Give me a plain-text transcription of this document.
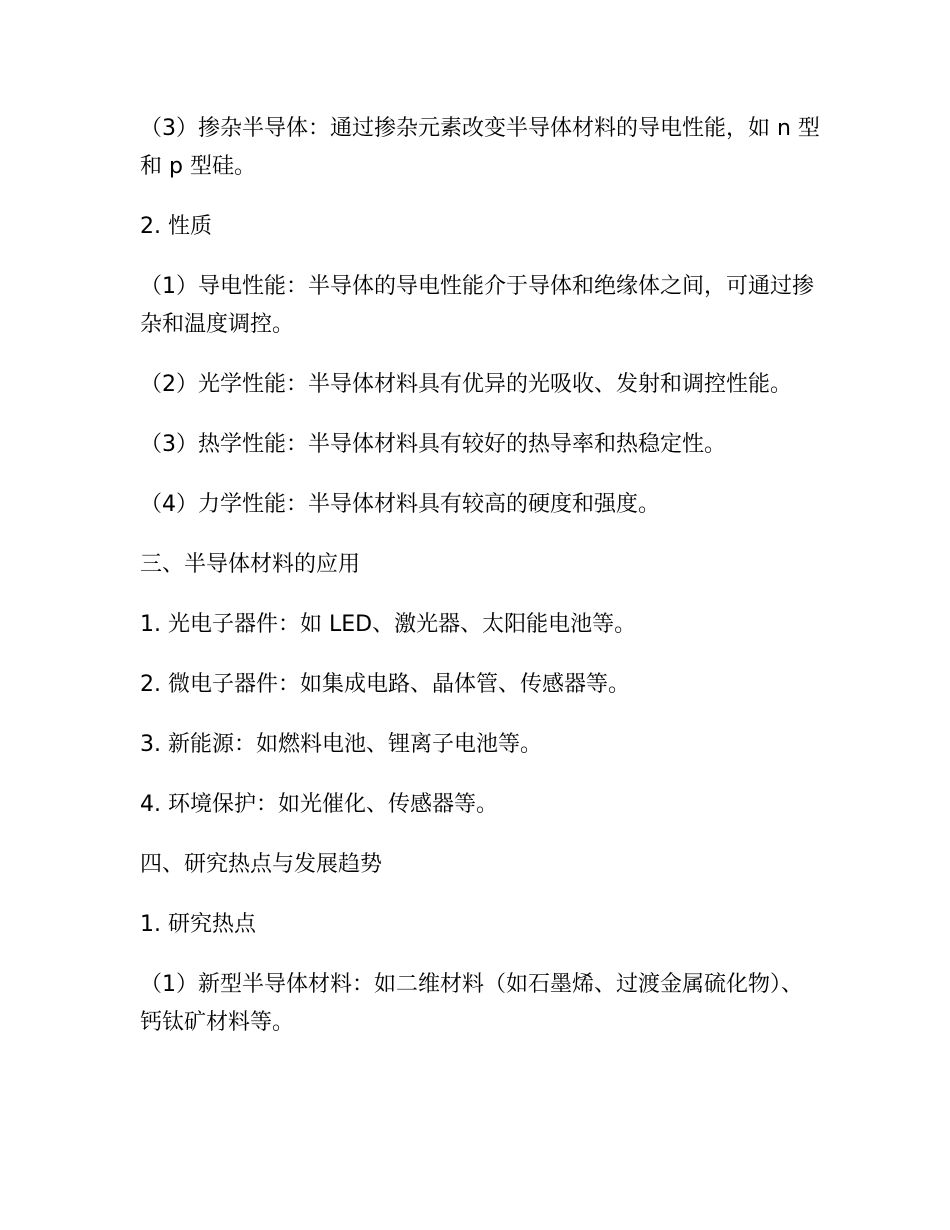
（3）掺杂半导体：通过掺杂元素改变半导体材料的导电性能，如 n 型和 p 型硅。

2. 性质

（1）导电性能：半导体的导电性能介于导体和绝缘体之间，可通过掺杂和温度调控。

（2）光学性能：半导体材料具有优异的光吸收、发射和调控性能。

（3）热学性能：半导体材料具有较好的热导率和热稳定性。

（4）力学性能：半导体材料具有较高的硬度和强度。

三、半导体材料的应用

1. 光电子器件：如 LED、激光器、太阳能电池等。

2. 微电子器件：如集成电路、晶体管、传感器等。

3. 新能源：如燃料电池、锂离子电池等。

4. 环境保护：如光催化、传感器等。

四、研究热点与发展趋势

1. 研究热点

（1）新型半导体材料：如二维材料（如石墨烯、过渡金属硫化物）、钙钛矿材料等。
